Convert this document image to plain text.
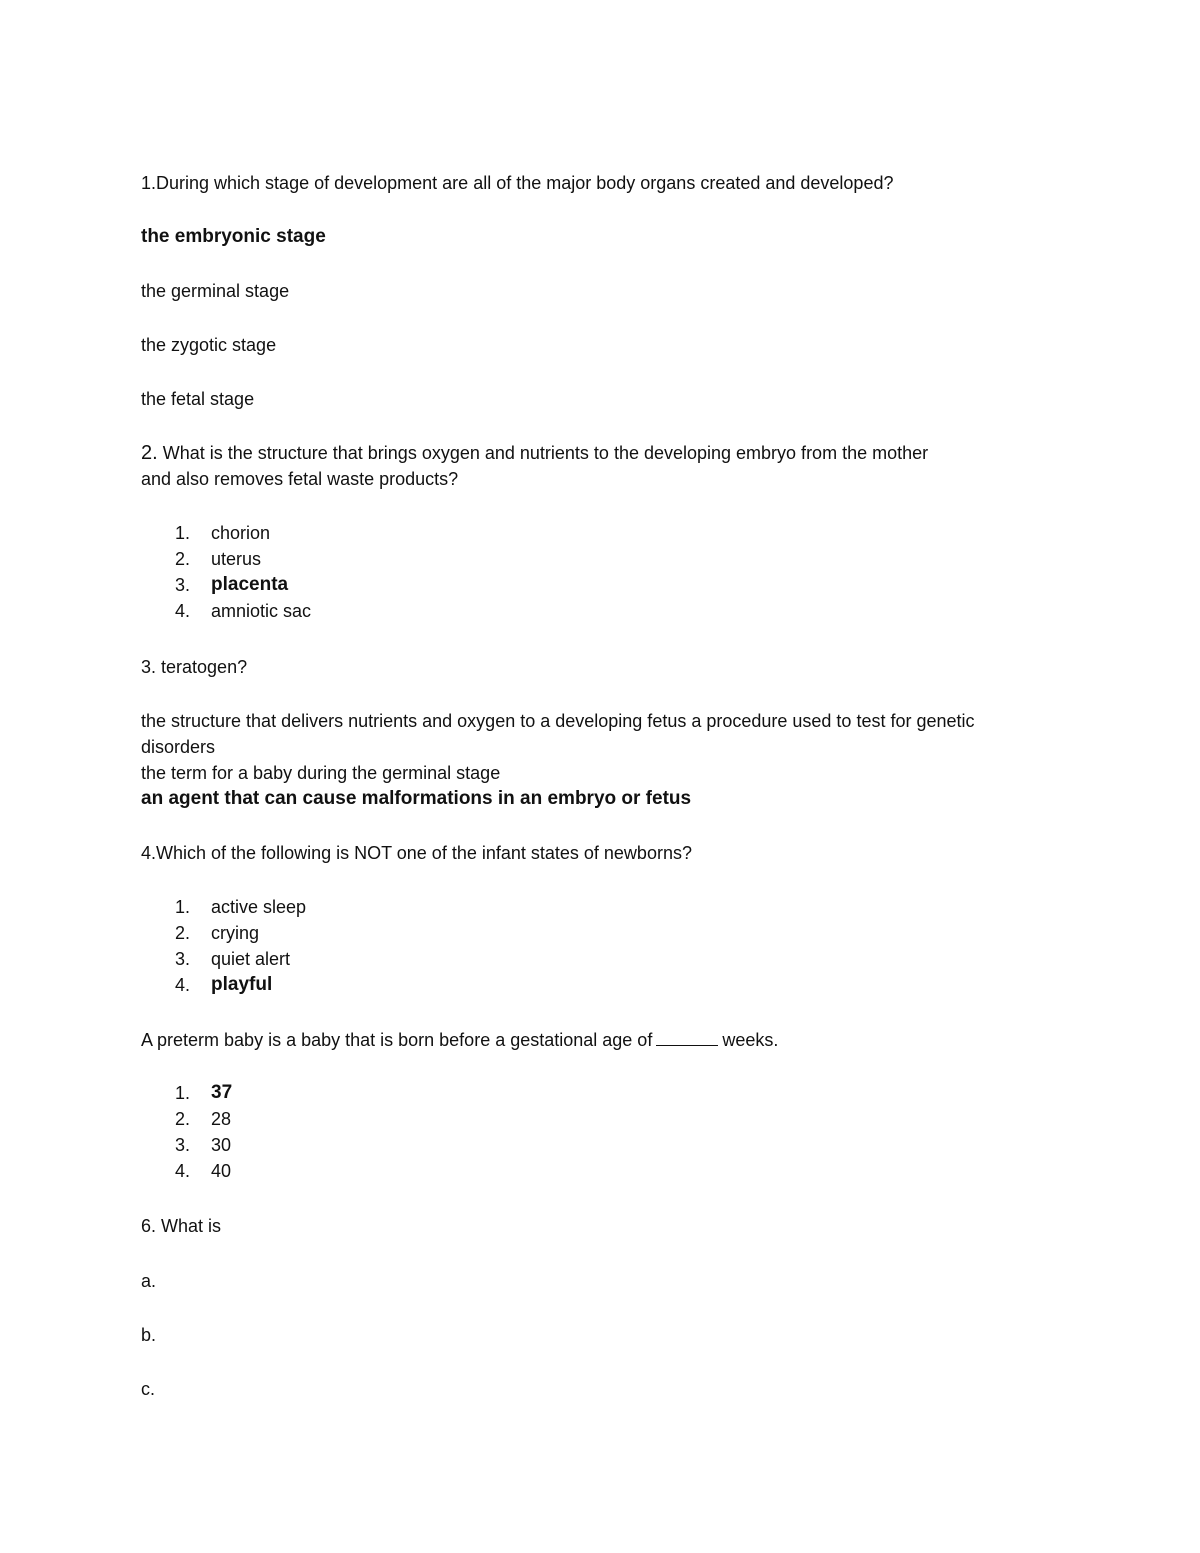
1.During which stage of development are all of the major body organs created and developed?

the embryonic stage

the germinal stage

the zygotic stage

the fetal stage

2. What is the structure that brings oxygen and nutrients to the developing embryo from the mother

and also removes fetal waste products?

1. chorion
2. uterus
3. placenta
4. amniotic sac

3. teratogen?

the structure that delivers nutrients and oxygen to a developing fetus a procedure used to test for genetic disorders

the term for a baby during the germinal stage

an agent that can cause malformations in an embryo or fetus

4.Which of the following is NOT one of the infant states of newborns?

1. active sleep
2. crying
3. quiet alert
4. playful

A preterm baby is a baby that is born before a gestational age of	weeks.

1. 37
2. 28
3. 30
4. 40

6. What is

a.

b.

c.
